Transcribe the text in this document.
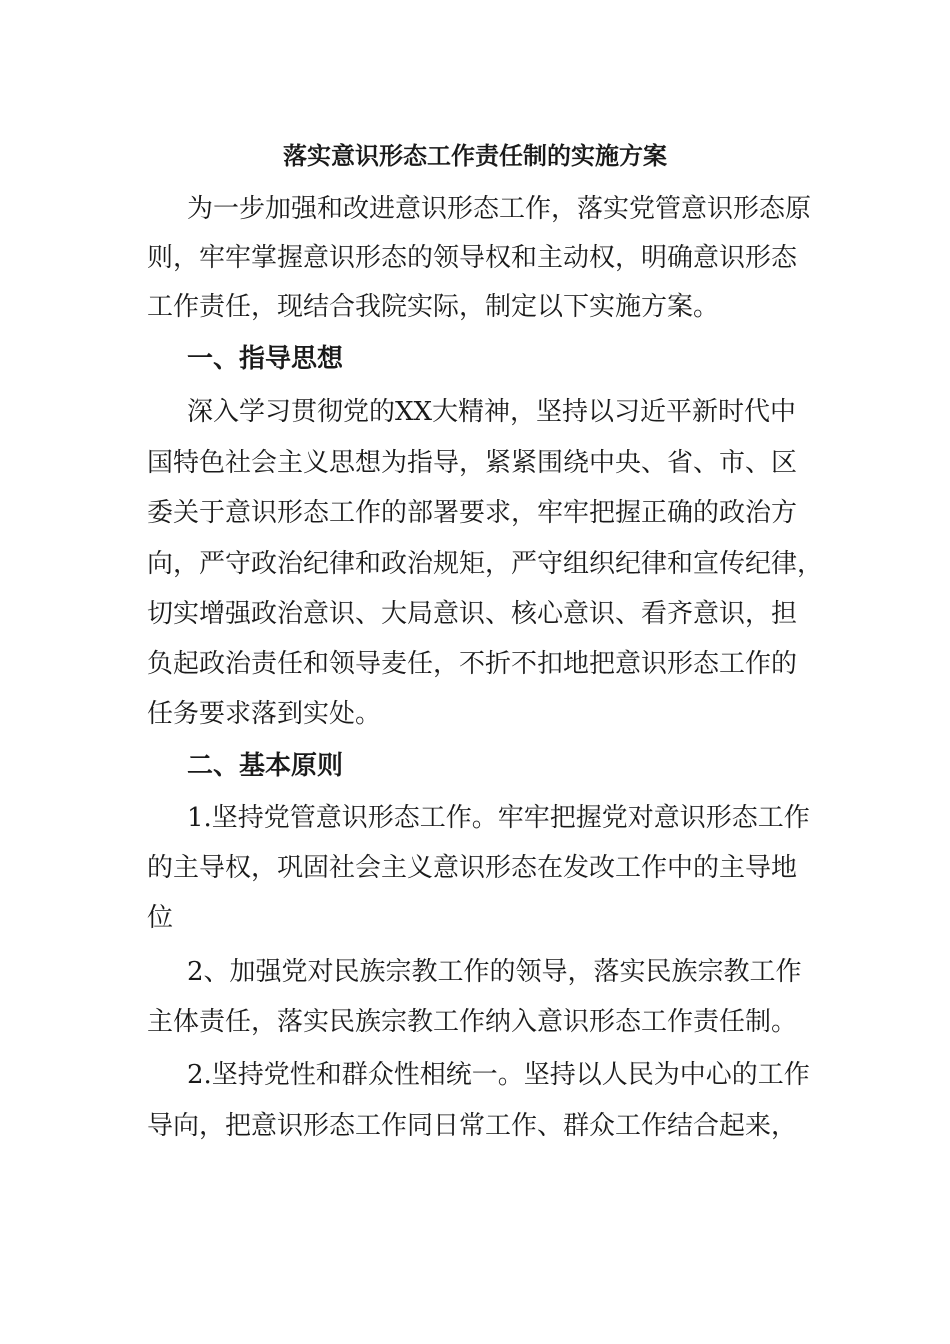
落实意识形态工作责任制的实施方案
为一步加强和改进意识形态工作，落实党管意识形态原
则，牢牢掌握意识形态的领导权和主动权，明确意识形态
工作责任，现结合我院实际，制定以下实施方案。
一、指导思想
深入学习贯彻党的XX大精神，坚持以习近平新时代中
国特色社会主义思想为指导，紧紧围绕中央、省、市、区
委关于意识形态工作的部署要求，牢牢把握正确的政治方
向，严守政治纪律和政治规矩，严守组织纪律和宣传纪律，
切实增强政治意识、大局意识、核心意识、看齐意识，担
负起政治责任和领导麦任，不折不扣地把意识形态工作的
任务要求落到实处。
二、基本原则
1.坚持党管意识形态工作。牢牢把握党对意识形态工作
的主导权，巩固社会主义意识形态在发改工作中的主导地
位
2、加强党对民族宗教工作的领导，落实民族宗教工作
主体责任，落实民族宗教工作纳入意识形态工作责任制。
2.坚持党性和群众性相统一。坚持以人民为中心的工作
导向，把意识形态工作同日常工作、群众工作结合起来，
